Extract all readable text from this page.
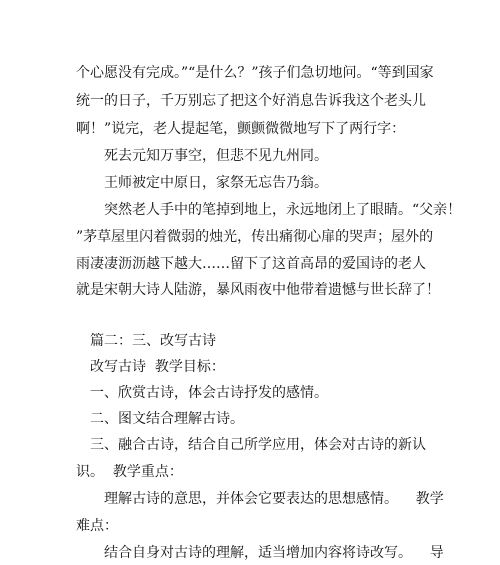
个心愿没有完成。”“是什么？”孩子们急切地问。“等到国家
统一的日子，千万别忘了把这个好消息告诉我这个老头儿
啊！”说完，老人提起笔，颤颤微微地写下了两行字：
死去元知万事空，但悲不见九州同。
王师被定中原日，家祭无忘告乃翁。
突然老人手中的笔掉到地上，永远地闭上了眼睛。“父亲！
”茅草屋里闪着微弱的烛光，传出痛彻心扉的哭声；屋外的
雨凄凄沥沥越下越大……留下了这首高昂的爱国诗的老人
就是宋朝大诗人陆游，暴风雨夜中他带着遗憾与世长辞了！
篇二：三、改写古诗
改写古诗  教学目标：
一、欣赏古诗，体会古诗抒发的感情。
二、图文结合理解古诗。
三、融合古诗，结合自己所学应用，体会对古诗的新认
识。  教学重点：
理解古诗的意思，并体会它要表达的思想感情。    教学
难点：
结合自身对古诗的理解，适当增加内容将诗改写。    导
